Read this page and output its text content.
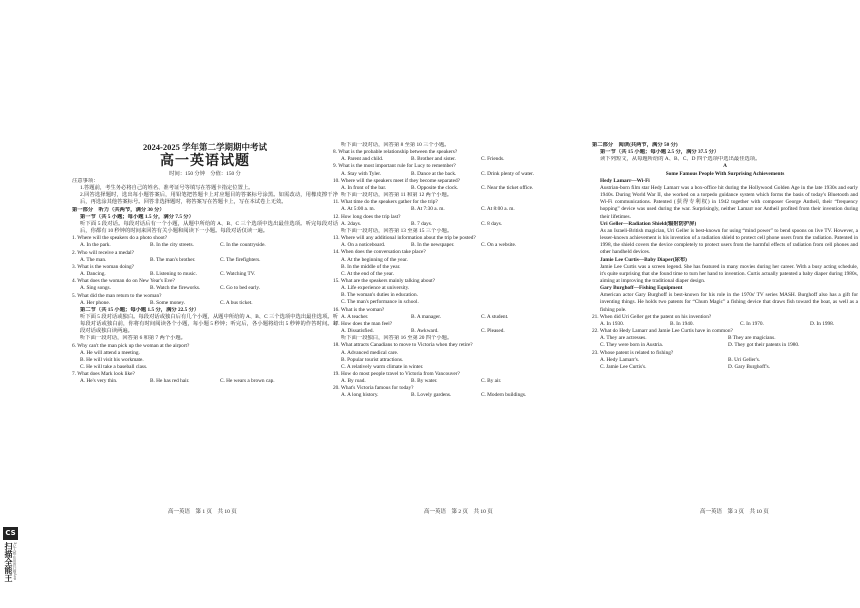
2024-2025 学年第二学期期中考试
高一英语试题
时间：150 分钟　分值：150 分
注意事项：
1.答题前，考生务必将自己的姓名、准考证号等填写在答题卡指定位置上。
2.回答选择题时，选出每小题答案后，用铅笔把答题卡上对应题目的答案标号涂黑。如需改动，用橡皮擦干净后，再选涂其他答案标号。回答非选择题时，将答案写在答题卡上，写在本试卷上无效。
第一部分　听力（共两节，满分 30 分）
第一节（共 5 小题；每小题 1.5 分，满分 7.5 分）
听下面 5 段对话。每段对话后有一个小题，从题中所给的 A、B、C 三个选项中选出最佳选项。听完每段对话后，你都有 10 秒钟的时间来回答有关小题和阅读下一小题。每段对话仅读一遍。
1. Where will the speakers do a photo shoot?
A. In the park.	B. In the city streets.	C. In the countryside.
2. Who will receive a medal?
A. The man.	B. The man's brother.	C. The firefighters.
3. What is the woman doing?
A. Dancing.	B. Listening to music.	C. Watching TV.
4. What does the woman do on New Year's Eve?
A. Sing songs.	B. Watch the fireworks.	C. Go to bed early.
5. What did the man return to the woman?
A. Her phone.	B. Some money.	C. A bus ticket.
第二节（共 15 小题；每小题 1.5 分，满分 22.5 分）
听下面 5 段对话或独白。每段对话或独白后有几个小题，从题中所给的 A、B、C 三个选项中选出最佳选项。听每段对话或独白前，你将有时间阅读各个小题，每小题 5 秒钟；听完后，各小题将给出 5 秒钟的作答时间。每段对话或独白读两遍。
听下面一段对话，回答第 6 和第 7 两个小题。
6. Why can't the man pick up the woman at the airport?
A. He will attend a meeting.
B. He will visit his workmate.
C. He will take a baseball class.
7. What does Mark look like?
A. He's very thin.	B. He has red hair.	C. He wears a brown cap.
听下面一段对话，回答第 8 至第 10 三个小题。
8. What is the probable relationship between the speakers?
A. Parent and child.	B. Brother and sister.	C. Friends.
9. What is the most important rule for Lucy to remember?
A. Stay with Tyler.	B. Dance at the back.	C. Drink plenty of water.
10. Where will the speakers meet if they become separated?
A. In front of the bar.	B. Opposite the clock.	C. Near the ticket office.
听下面一段对话，回答第 11 和第 12 两个小题。
11. What time do the speakers gather for the trip?
A. At 5:00 a. m.	B. At 7:30 a. m.	C. At 8:00 a. m.
12. How long does the trip last?
A. 2days.	B. 7 days.	C. 8 days.
听下面一段对话，回答第 13 至第 15 三个小题。
13. Where will any additional information about the trip be posted?
A. On a noticeboard.	B. In the newspaper.	C. On a website.
14. When does the conversation take place?
A. At the beginning of the year.
B. In the middle of the year.
C. At the end of the year.
15. What are the speakers mainly talking about?
A. Life experience at university.
B. The woman's duties in education.
C. The man's performance in school.
16. What is the woman?
A. A teacher.	B. A manager.	C. A student.
17. How does the man feel?
A. Dissatisfied.	B. Awkward.	C. Pleased.
听下面一段独白，回答第 16 至第 20 四个小题。
18. What attracts Canadians to move to Victoria when they retire?
A. Advanced medical care.
B. Popular tourist attractions.
C. A relatively warm climate in winter.
19. How do most people travel to Victoria from Vancouver?
A. By road.	B. By water.	C. By air.
20. What's Victoria famous for today?
A. A long history.	B. Lovely gardens.	C. Modern buildings.
第二部分　阅读(共两节，满分 50 分)
第一节（共 15 小题；每小题 2.5 分，满分 37.5 分）
读下列短文，从每题所给的 A、B、C、D 四个选项中选出最佳选项。
A
Some Famous People With Surprising Achievements
Hedy Lamarr—Wi-Fi
Austrian-born film star Hedy Lamarr was a box-office hit during the Hollywood Golden Age in the late 1930s and early 1940s. During World War II, she worked on a torpedo guidance system which forms the basis of today's Bluetooth and Wi-Fi communications. Patented (获得专利权) in 1942 together with composer George Antheil, their “frequency hopping” device was used during the war. Surprisingly, neither Lamarr nor Antheil profited from their invention during their lifetimes.
Uri Geller—Radiation Shield(辐射防护屏)
As an Israeli-British magician, Uri Geller is best-known for using “mind power” to bend spoons on live TV. However, a lesser-known achievement is his invention of a radiation shield to protect cell phone users from the radiation. Patented in 1998, the shield covers the device completely to protect users from the harmful effects of radiation from cell phones and other handheld devices.
Jamie Lee Curtis—Baby Diaper(尿布)
Jamie Lee Curtis was a screen legend. She has featured in many movies during her career. With a busy acting schedule, it's quite surprising that she found time to turn her hand to invention. Curtis actually patented a baby diaper during 1980s, aiming at improving the traditional diaper design.
Gary Burghoff—Fishing Equipment
American actor Gary Burghoff is best-known for his role in the 1970s' TV series MASH. Burghoff also has a gift for inventing things. He holds two patents for “Chum Magic” a fishing device that draws fish toward the boat, as well as a fishing pole.
21. When did Uri Geller get the patent on his invention?
A. In 1930.	B. In 1940.	C. In 1970.	D. In 1998.
22. What do Hedy Lamarr and Jamie Lee Curtis have in common?
A. They are actresses.	B They are magicians.
C. They were born in Austria.	D. They got their patents in 1980.
23. Whose patent is related to fishing?
A. Hedy Lamarr's.	B. Uri Geller's.
C. Jamie Lee Curtis's.	D. Gary Burghoff's.
高一英语　第 1 页　共 10 页	高一英语　第 2 页　共 10 页	高一英语　第 3 页　共 10 页
CS
扫描全能王 3亿人都在用的扫描App
